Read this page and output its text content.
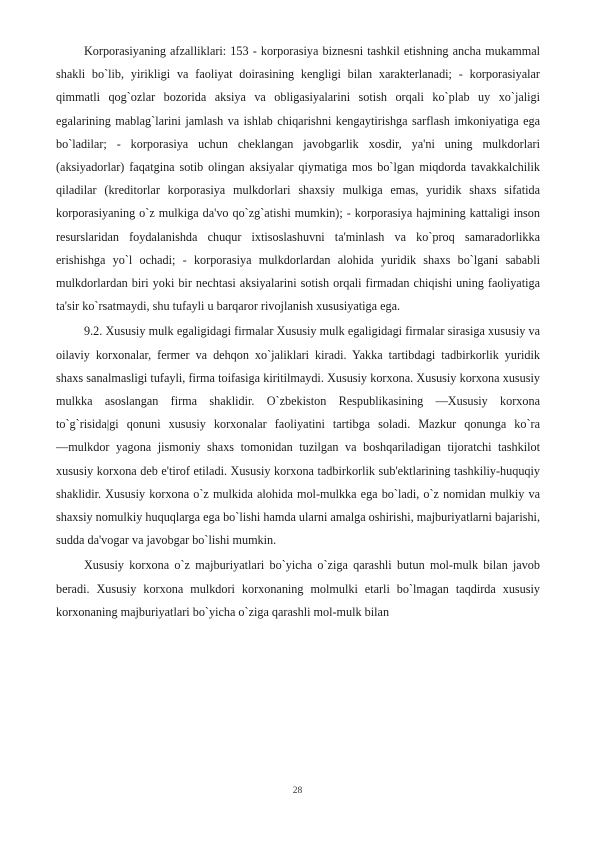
Korporasiyaning afzalliklari: 153 - korporasiya biznesni tashkil etishning ancha mukammal shakli bo`lib, yirikligi va faoliyat doirasining kengligi bilan xarakterlanadi; - korporasiyalar qimmatli qog`ozlar bozorida aksiya va obligasiyalarini sotish orqali ko`plab uy xo`jaligi egalarining mablag`larini jamlash va ishlab chiqarishni kengaytirishga sarflash imkoniyatiga ega bo`ladilar; - korporasiya uchun cheklangan javobgarlik xosdir, ya'ni uning mulkdorlari (aksiyadorlar) faqatgina sotib olingan aksiyalar qiymatiga mos bo`lgan miqdorda tavakkalchilik qiladilar (kreditorlar korporasiya mulkdorlari shaxsiy mulkiga emas, yuridik shaxs sifatida korporasiyaning o`z mulkiga da'vo qo`zg`atishi mumkin); - korporasiya hajmining kattaligi inson resurslaridan foydalanishda chuqur ixtisoslashuvni ta'minlash va ko`proq samaradorlikka erishishga yo`l ochadi; - korporasiya mulkdorlardan alohida yuridik shaxs bo`lgani sababli mulkdorlardan biri yoki bir nechtasi aksiyalarini sotish orqali firmadan chiqishi uning faoliyatiga ta'sir ko`rsatmaydi, shu tufayli u barqaror rivojlanish xususiyatiga ega.

9.2. Xususiy mulk egaligidagi firmalar Xususiy mulk egaligidagi firmalar sirasiga xususiy va oilaviy korxonalar, fermer va dehqon xo`jaliklari kiradi. Yakka tartibdagi tadbirkorlik yuridik shaxs sanalmasligi tufayli, firma toifasiga kiritilmaydi. Xususiy korxona. Xususiy korxona xususiy mulkka asoslangan firma shaklidir. O`zbekiston Respublikasining ―Xususiy korxona to`g`risida|gi qonuni xususiy korxonalar faoliyatini tartibga soladi. Mazkur qonunga ko`ra ―mulkdor yagona jismoniy shaxs tomonidan tuzilgan va boshqariladigan tijoratchi tashkilot xususiy korxona deb e'tirof etiladi. Xususiy korxona tadbirkorlik sub'ektlarining tashkiliy-huquqiy shaklidir. Xususiy korxona o`z mulkida alohida mol-mulkka ega bo`ladi, o`z nomidan mulkiy va shaxsiy nomulkiy huquqlarga ega bo`lishi hamda ularni amalga oshirishi, majburiyatlarni bajarishi, sudda da'vogar va javobgar bo`lishi mumkin.

Xususiy korxona o`z majburiyatlari bo`yicha o`ziga qarashli butun mol-mulk bilan javob beradi. Xususiy korxona mulkdori korxonaning molmulki etarli bo`lmagan taqdirda xususiy korxonaning majburiyatlari bo`yicha o`ziga qarashli mol-mulk bilan

28
